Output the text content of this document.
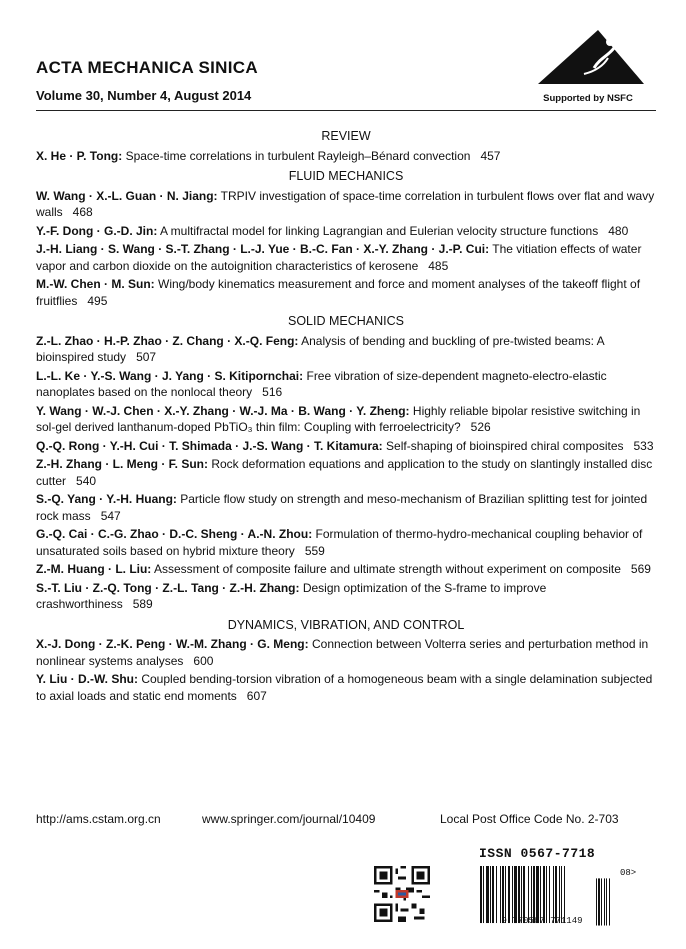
ACTA MECHANICA SINICA
Volume 30, Number 4, August 2014	Supported by NSFC
REVIEW
X. He · P. Tong: Space-time correlations in turbulent Rayleigh–Bénard convection 457
FLUID MECHANICS
W. Wang · X.-L. Guan · N. Jiang: TRPIV investigation of space-time correlation in turbulent flows over flat and wavy walls 468
Y.-F. Dong · G.-D. Jin: A multifractal model for linking Lagrangian and Eulerian velocity structure functions 480
J.-H. Liang · S. Wang · S.-T. Zhang · L.-J. Yue · B.-C. Fan · X.-Y. Zhang · J.-P. Cui: The vitiation effects of water vapor and carbon dioxide on the autoignition characteristics of kerosene 485
M.-W. Chen · M. Sun: Wing/body kinematics measurement and force and moment analyses of the takeoff flight of fruitflies 495
SOLID MECHANICS
Z.-L. Zhao · H.-P. Zhao · Z. Chang · X.-Q. Feng: Analysis of bending and buckling of pre-twisted beams: A bioinspired study 507
L.-L. Ke · Y.-S. Wang · J. Yang · S. Kitipornchai: Free vibration of size-dependent magneto-electro-elastic nanoplates based on the nonlocal theory 516
Y. Wang · W.-J. Chen · X.-Y. Zhang · W.-J. Ma · B. Wang · Y. Zheng: Highly reliable bipolar resistive switching in sol-gel derived lanthanum-doped PbTiO₃ thin film: Coupling with ferroelectricity? 526
Q.-Q. Rong · Y.-H. Cui · T. Shimada · J.-S. Wang · T. Kitamura: Self-shaping of bioinspired chiral composites 533
Z.-H. Zhang · L. Meng · F. Sun: Rock deformation equations and application to the study on slantingly installed disc cutter 540
S.-Q. Yang · Y.-H. Huang: Particle flow study on strength and meso-mechanism of Brazilian splitting test for jointed rock mass 547
G.-Q. Cai · C.-G. Zhao · D.-C. Sheng · A.-N. Zhou: Formulation of thermo-hydro-mechanical coupling behavior of unsaturated soils based on hybrid mixture theory 559
Z.-M. Huang · L. Liu: Assessment of composite failure and ultimate strength without experiment on composite 569
S.-T. Liu · Z.-Q. Tong · Z.-L. Tang · Z.-H. Zhang: Design optimization of the S-frame to improve crashworthiness 589
DYNAMICS, VIBRATION, AND CONTROL
X.-J. Dong · Z.-K. Peng · W.-M. Zhang · G. Meng: Connection between Volterra series and perturbation method in nonlinear systems analyses 600
Y. Liu · D.-W. Shu: Coupled bending-torsion vibration of a homogeneous beam with a single delamination subjected to axial loads and static end moments 607
http://ams.cstam.org.cn	www.springer.com/journal/10409	Local Post Office Code No. 2-703
ISSN 0567-7718
9 770567 771149
08>
